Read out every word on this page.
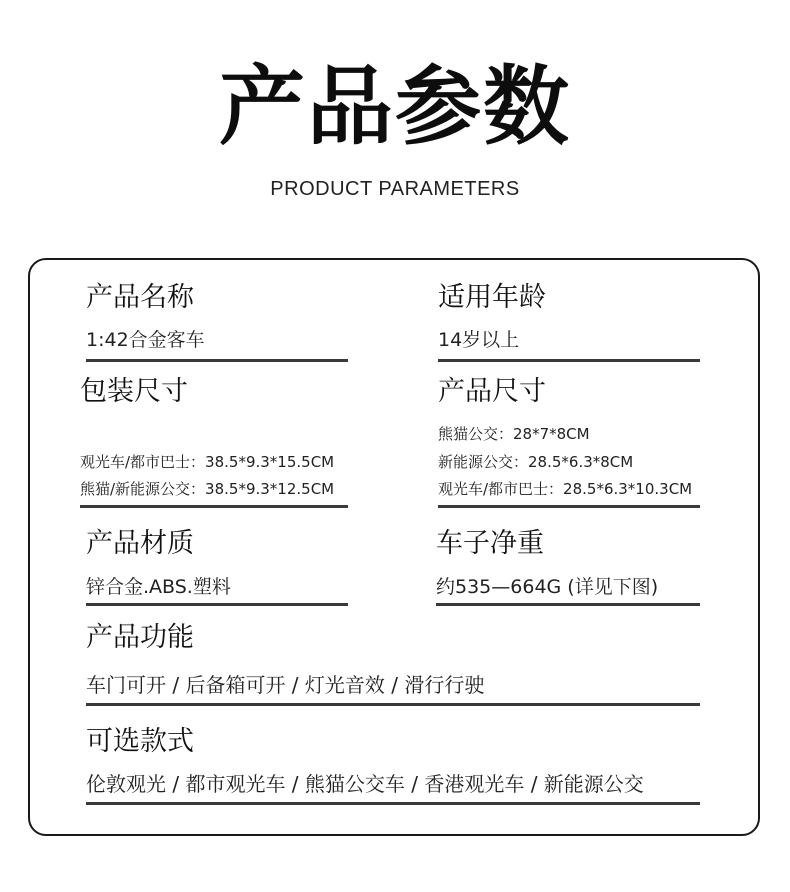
产品参数
PRODUCT PARAMETERS
产品名称
1:42合金客车
适用年龄
14岁以上
包装尺寸
观光车/都市巴士：38.5*9.3*15.5CM
熊猫/新能源公交：38.5*9.3*12.5CM
产品尺寸
熊猫公交：28*7*8CM
新能源公交：28.5*6.3*8CM
观光车/都市巴士：28.5*6.3*10.3CM
产品材质
锌合金.ABS.塑料
车子净重
约535—664G (详见下图)
产品功能
车门可开 / 后备箱可开 / 灯光音效 / 滑行行驶
可选款式
伦敦观光 / 都市观光车 / 熊猫公交车 / 香港观光车 / 新能源公交
